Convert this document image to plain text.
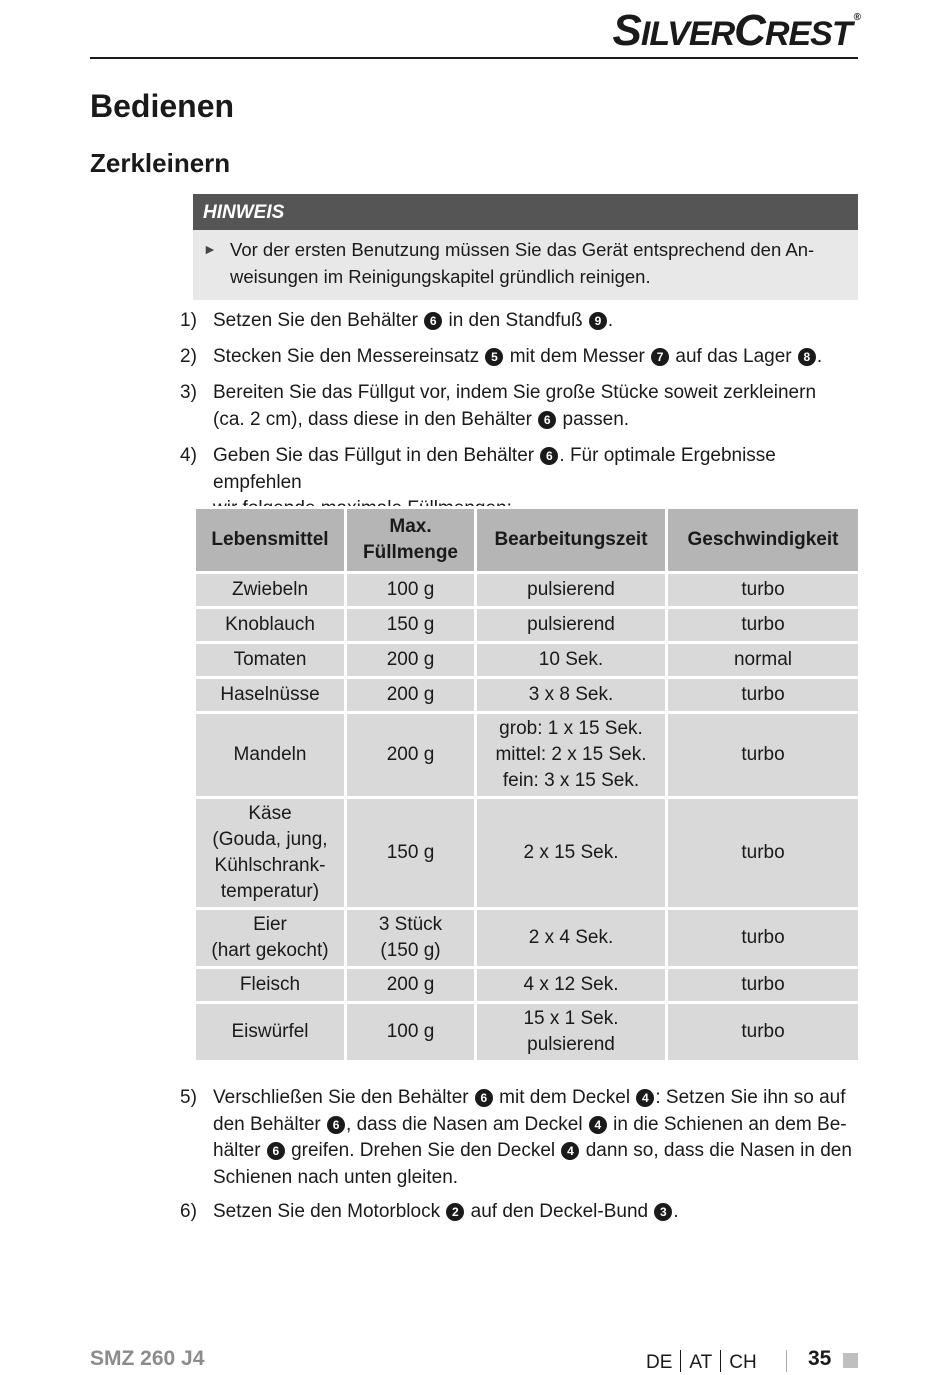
SILVERCREST ®
Bedienen
Zerkleinern
HINWEIS
► Vor der ersten Benutzung müssen Sie das Gerät entsprechend den An-
weisungen im Reinigungskapitel gründlich reinigen.
1) Setzen Sie den Behälter 6 in den Standfuß 9 .
2) Stecken Sie den Messereinsatz 5 mit dem Messer 7 auf das Lager 8 .
3) Bereiten Sie das Füllgut vor, indem Sie große Stücke soweit zerkleinern
(ca. 2 cm), dass diese in den Behälter 6 passen.
4) Geben Sie das Füllgut in den Behälter 6 . Für optimale Ergebnisse empfehlen

Lebensmittel	Max.
Füllmenge	Bearbeitungszeit	Geschwindigkeit
Zwiebeln	100 g	pulsierend	turbo
Knoblauch	150 g	pulsierend	turbo
Tomaten	200 g	10 Sek.	normal
Haselnüsse	200 g	3 x 8 Sek.	turbo
Mandeln	200 g	grob: 1 x 15 Sek.
mittel: 2 x 15 Sek.
fein: 3 x 15 Sek.	turbo
Käse
(Gouda, jung,
Kühlschrank-
temperatur)	150 g	2 x 15 Sek.	turbo
Eier
(hart gekocht)	3 Stück
(150 g)	2 x 4 Sek.	turbo
Fleisch	200 g	4 x 12 Sek.	turbo
Eiswürfel	100 g	15 x 1 Sek.
pulsierend	turbo
5) Verschließen Sie den Behälter 6 mit dem Deckel 4 : Setzen Sie ihn so auf
den Behälter 6 , dass die Nasen am Deckel 4 in die Schienen an dem Be-
hälter 6 greifen. Drehen Sie den Deckel 4 dann so, dass die Nasen in den
Schienen nach unten gleiten.
6) Setzen Sie den Motorblock 2 auf den Deckel-Bund 3 .
SMZ 260 J4	DE AT CH 35
